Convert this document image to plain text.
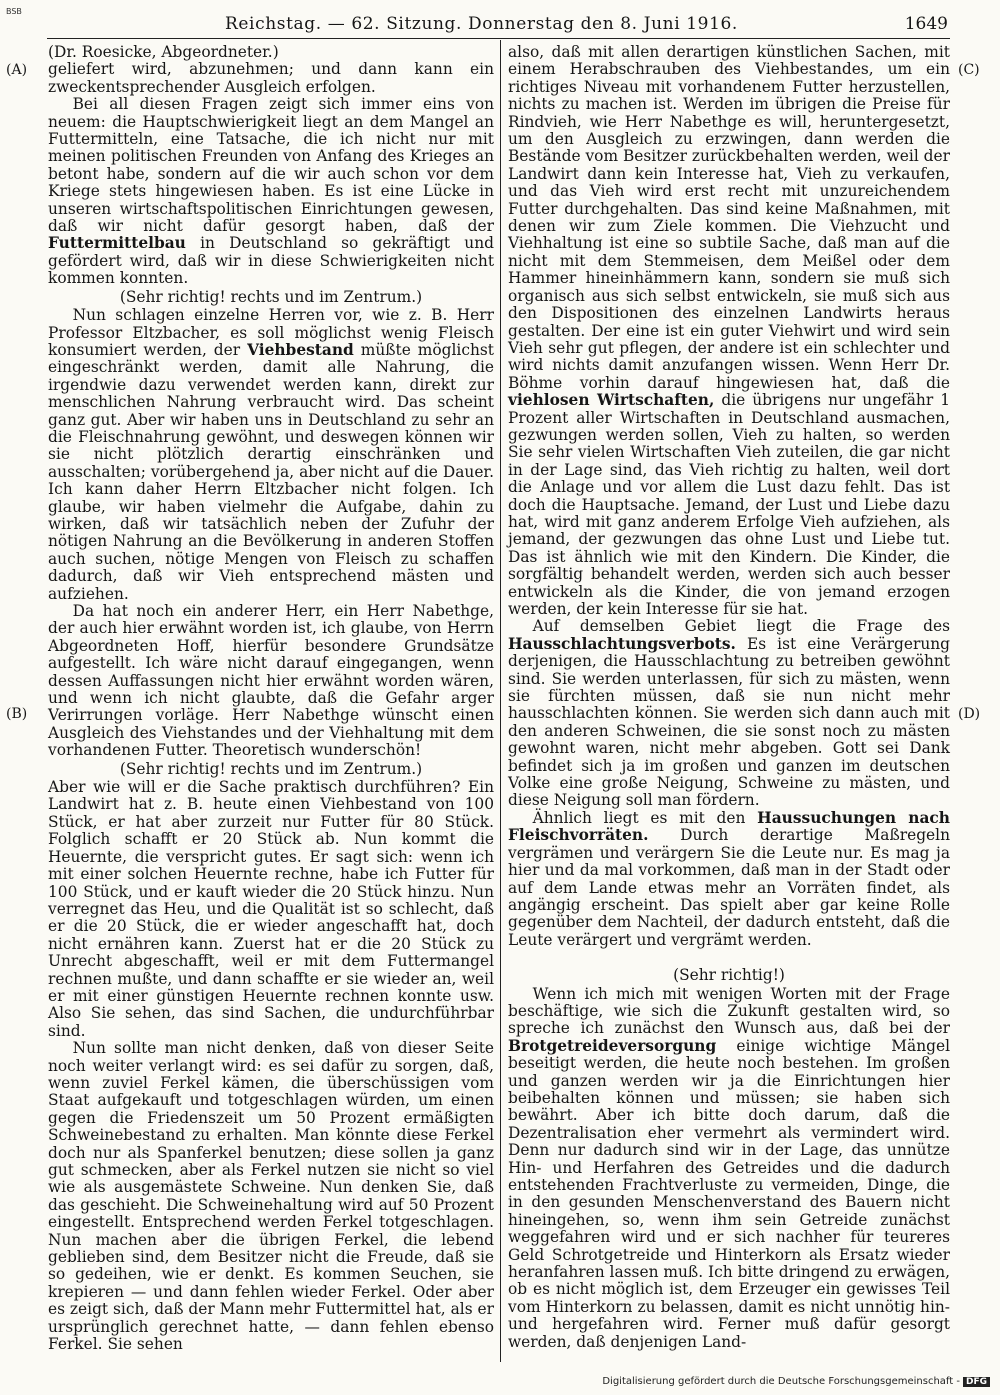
BSB
Reichstag. — 62. Sitzung. Donnerstag den 8. Juni 1916.	1649
(A)
(B)
(C)
(D)

(Dr. Roesicke, Abgeordneter.)

geliefert wird, abzunehmen; und dann kann ein zweckentsprechender Ausgleich erfolgen.

Bei all diesen Fragen zeigt sich immer eins von neuem: die Hauptschwierigkeit liegt an dem Mangel an Futtermitteln, eine Tatsache, die ich nicht nur mit meinen politischen Freunden von Anfang des Krieges an betont habe, sondern auf die wir auch schon vor dem Kriege stets hingewiesen haben. Es ist eine Lücke in unseren wirtschaftspolitischen Einrichtungen gewesen, daß wir nicht dafür gesorgt haben, daß der Futtermittelbau in Deutschland so gekräftigt und gefördert wird, daß wir in diese Schwierigkeiten nicht kommen konnten.

(Sehr richtig! rechts und im Zentrum.)

Nun schlagen einzelne Herren vor, wie z. B. Herr Professor Eltzbacher, es soll möglichst wenig Fleisch konsumiert werden, der Viehbestand müßte möglichst eingeschränkt werden, damit alle Nahrung, die irgendwie dazu verwendet werden kann, direkt zur menschlichen Nahrung verbraucht wird. Das scheint ganz gut. Aber wir haben uns in Deutschland zu sehr an die Fleischnahrung gewöhnt, und deswegen können wir sie nicht plötzlich derartig einschränken und ausschalten; vorübergehend ja, aber nicht auf die Dauer. Ich kann daher Herrn Eltzbacher nicht folgen. Ich glaube, wir haben vielmehr die Aufgabe, dahin zu wirken, daß wir tatsächlich neben der Zufuhr der nötigen Nahrung an die Bevölkerung in anderen Stoffen auch suchen, nötige Mengen von Fleisch zu schaffen dadurch, daß wir Vieh entsprechend mästen und aufziehen.

Da hat noch ein anderer Herr, ein Herr Nabethge, der auch hier erwähnt worden ist, ich glaube, von Herrn Abgeordneten Hoff, hierfür besondere Grundsätze aufgestellt. Ich wäre nicht darauf eingegangen, wenn dessen Auffassungen nicht hier erwähnt worden wären, und wenn ich nicht glaubte, daß die Gefahr arger Verirrungen vorläge. Herr Nabethge wünscht einen Ausgleich des Viehstandes und der Viehhaltung mit dem vorhandenen Futter. Theoretisch wunderschön!

(Sehr richtig! rechts und im Zentrum.)

Aber wie will er die Sache praktisch durchführen? Ein Landwirt hat z. B. heute einen Viehbestand von 100 Stück, er hat aber zurzeit nur Futter für 80 Stück. Folglich schafft er 20 Stück ab. Nun kommt die Heuernte, die verspricht gutes. Er sagt sich: wenn ich mit einer solchen Heuernte rechne, habe ich Futter für 100 Stück, und er kauft wieder die 20 Stück hinzu. Nun verregnet das Heu, und die Qualität ist so schlecht, daß er die 20 Stück, die er wieder angeschafft hat, doch nicht ernähren kann. Zuerst hat er die 20 Stück zu Unrecht abgeschafft, weil er mit dem Futtermangel rechnen mußte, und dann schaffte er sie wieder an, weil er mit einer günstigen Heuernte rechnen konnte usw. Also Sie sehen, das sind Sachen, die undurchführbar sind.

Nun sollte man nicht denken, daß von dieser Seite noch weiter verlangt wird: es sei dafür zu sorgen, daß, wenn zuviel Ferkel kämen, die überschüssigen vom Staat aufgekauft und totgeschlagen würden, um einen gegen die Friedenszeit um 50 Prozent ermäßigten Schweinebestand zu erhalten. Man könnte diese Ferkel doch nur als Spanferkel benutzen; diese sollen ja ganz gut schmecken, aber als Ferkel nutzen sie nicht so viel wie als ausgemästete Schweine. Nun denken Sie, daß das geschieht. Die Schweinehaltung wird auf 50 Prozent eingestellt. Entsprechend werden Ferkel totgeschlagen. Nun machen aber die übrigen Ferkel, die lebend geblieben sind, dem Besitzer nicht die Freude, daß sie so gedeihen, wie er denkt. Es kommen Seuchen, sie krepieren — und dann fehlen wieder Ferkel. Oder aber es zeigt sich, daß der Mann mehr Futtermittel hat, als er ursprünglich gerechnet hatte, — dann fehlen ebenso Ferkel. Sie sehen

also, daß mit allen derartigen künstlichen Sachen, mit einem Herabschrauben des Viehbestandes, um ein richtiges Niveau mit vorhandenem Futter herzustellen, nichts zu machen ist. Werden im übrigen die Preise für Rindvieh, wie Herr Nabethge es will, heruntergesetzt, um den Ausgleich zu erzwingen, dann werden die Bestände vom Besitzer zurückbehalten werden, weil der Landwirt dann kein Interesse hat, Vieh zu verkaufen, und das Vieh wird erst recht mit unzureichendem Futter durchgehalten. Das sind keine Maßnahmen, mit denen wir zum Ziele kommen. Die Viehzucht und Viehhaltung ist eine so subtile Sache, daß man auf die nicht mit dem Stemmeisen, dem Meißel oder dem Hammer hineinhämmern kann, sondern sie muß sich organisch aus sich selbst entwickeln, sie muß sich aus den Dispositionen des einzelnen Landwirts heraus gestalten. Der eine ist ein guter Viehwirt und wird sein Vieh sehr gut pflegen, der andere ist ein schlechter und wird nichts damit anzufangen wissen. Wenn Herr Dr. Böhme vorhin darauf hingewiesen hat, daß die viehlosen Wirtschaften, die übrigens nur ungefähr 1 Prozent aller Wirtschaften in Deutschland ausmachen, gezwungen werden sollen, Vieh zu halten, so werden Sie sehr vielen Wirtschaften Vieh zuteilen, die gar nicht in der Lage sind, das Vieh richtig zu halten, weil dort die Anlage und vor allem die Lust dazu fehlt. Das ist doch die Hauptsache. Jemand, der Lust und Liebe dazu hat, wird mit ganz anderem Erfolge Vieh aufziehen, als jemand, der gezwungen das ohne Lust und Liebe tut. Das ist ähnlich wie mit den Kindern. Die Kinder, die sorgfältig behandelt werden, werden sich auch besser entwickeln als die Kinder, die von jemand erzogen werden, der kein Interesse für sie hat.

Auf demselben Gebiet liegt die Frage des Hausschlachtungsverbots. Es ist eine Verärgerung derjenigen, die Hausschlachtung zu betreiben gewöhnt sind. Sie werden unterlassen, für sich zu mästen, wenn sie fürchten müssen, daß sie nun nicht mehr hausschlachten können. Sie werden sich dann auch mit den anderen Schweinen, die sie sonst noch zu mästen gewohnt waren, nicht mehr abgeben. Gott sei Dank befindet sich ja im großen und ganzen im deutschen Volke eine große Neigung, Schweine zu mästen, und diese Neigung soll man fördern.

Ähnlich liegt es mit den Haussuchungen nach Fleischvorräten. Durch derartige Maßregeln vergrämen und verärgern Sie die Leute nur. Es mag ja hier und da mal vorkommen, daß man in der Stadt oder auf dem Lande etwas mehr an Vorräten findet, als angängig erscheint. Das spielt aber gar keine Rolle gegenüber dem Nachteil, der dadurch entsteht, daß die Leute verärgert und vergrämt werden.

(Sehr richtig!)

Wenn ich mich mit wenigen Worten mit der Frage beschäftige, wie sich die Zukunft gestalten wird, so spreche ich zunächst den Wunsch aus, daß bei der Brotgetreideversorgung einige wichtige Mängel beseitigt werden, die heute noch bestehen. Im großen und ganzen werden wir ja die Einrichtungen hier beibehalten können und müssen; sie haben sich bewährt. Aber ich bitte doch darum, daß die Dezentralisation eher vermehrt als vermindert wird. Denn nur dadurch sind wir in der Lage, das unnütze Hin- und Herfahren des Getreides und die dadurch entstehenden Frachtverluste zu vermeiden, Dinge, die in den gesunden Menschenverstand des Bauern nicht hineingehen, so, wenn ihm sein Getreide zunächst weggefahren wird und er sich nachher für teureres Geld Schrotgetreide und Hinterkorn als Ersatz wieder heranfahren lassen muß. Ich bitte dringend zu erwägen, ob es nicht möglich ist, dem Erzeuger ein gewisses Teil vom Hinterkorn zu belassen, damit es nicht unnötig hin- und hergefahren wird. Ferner muß dafür gesorgt werden, daß denjenigen Land-

Digitalisierung gefördert durch die Deutsche Forschungsgemeinschaft - DFG
